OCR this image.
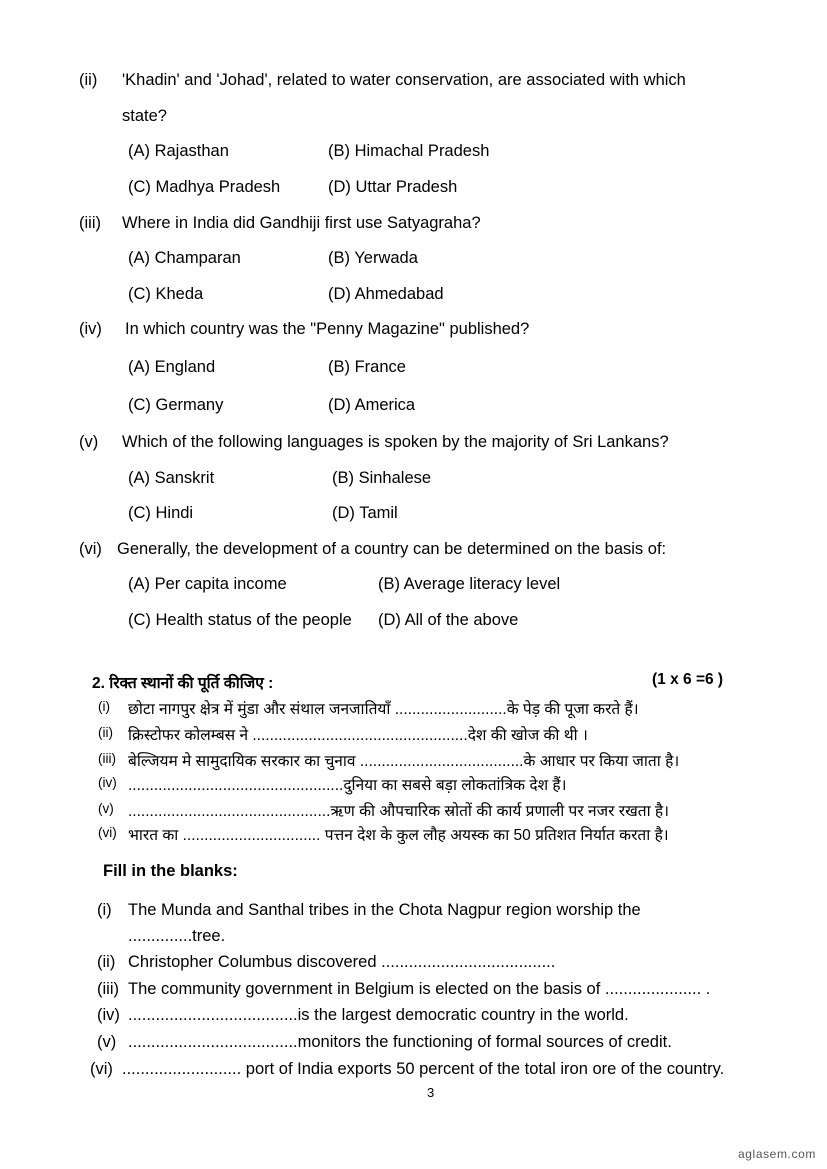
(ii) 'Khadin' and 'Johad', related to water conservation, are associated with which
state?
(A) Rajasthan	(B) Himachal Pradesh
(C) Madhya Pradesh	(D) Uttar Pradesh
(iii) Where in India did Gandhiji first use Satyagraha?
(A) Champaran	(B) Yerwada
(C) Kheda	(D) Ahmedabad
(iv) In which country was the "Penny Magazine" published?
(A) England	(B) France
(C) Germany	(D) America
(v) Which of the following languages is spoken by the majority of Sri Lankans?
(A) Sanskrit	(B) Sinhalese
(C) Hindi	(D) Tamil
(vi) Generally, the development of a country can be determined on the basis of:
(A) Per capita income	(B) Average literacy level
(C) Health status of the people (D) All of the above
2. रिक्त स्थानों की पूर्ति कीजिए :	(1 x 6 =6 )
(i) छोटा नागपुर क्षेत्र में मुंडा और संथाल जनजातियाँ ..........................के पेड़ की पूजा करते हैं।
(ii) क्रिस्टोफर कोलम्बस ने ..................................................देश की खोज की थी ।
(iii) बेल्जियम मे सामुदायिक सरकार का चुनाव ......................................के आधार पर किया जाता है।
(iv) ..................................................दुनिया का सबसे बड़ा लोकतांत्रिक देश हैं।
(v) ...............................................ऋण की औपचारिक स्रोतों की कार्य प्रणाली पर नजर रखता है।
(vi) भारत का ................................ पत्तन देश के कुल लौह अयस्क का 50 प्रतिशत निर्यात करता है।
Fill in the blanks:
(i) The Munda and Santhal tribes in the Chota Nagpur region worship the
..............tree.
(ii) Christopher Columbus discovered ......................................
(iii) The community government in Belgium is elected on the basis of ..................... .
(iv) .....................................is the largest democratic country in the world.
(v) .....................................monitors the functioning of formal sources of credit.
(vi) .......................... port of India exports 50 percent of the total iron ore of the country.
3
aglasem.com
